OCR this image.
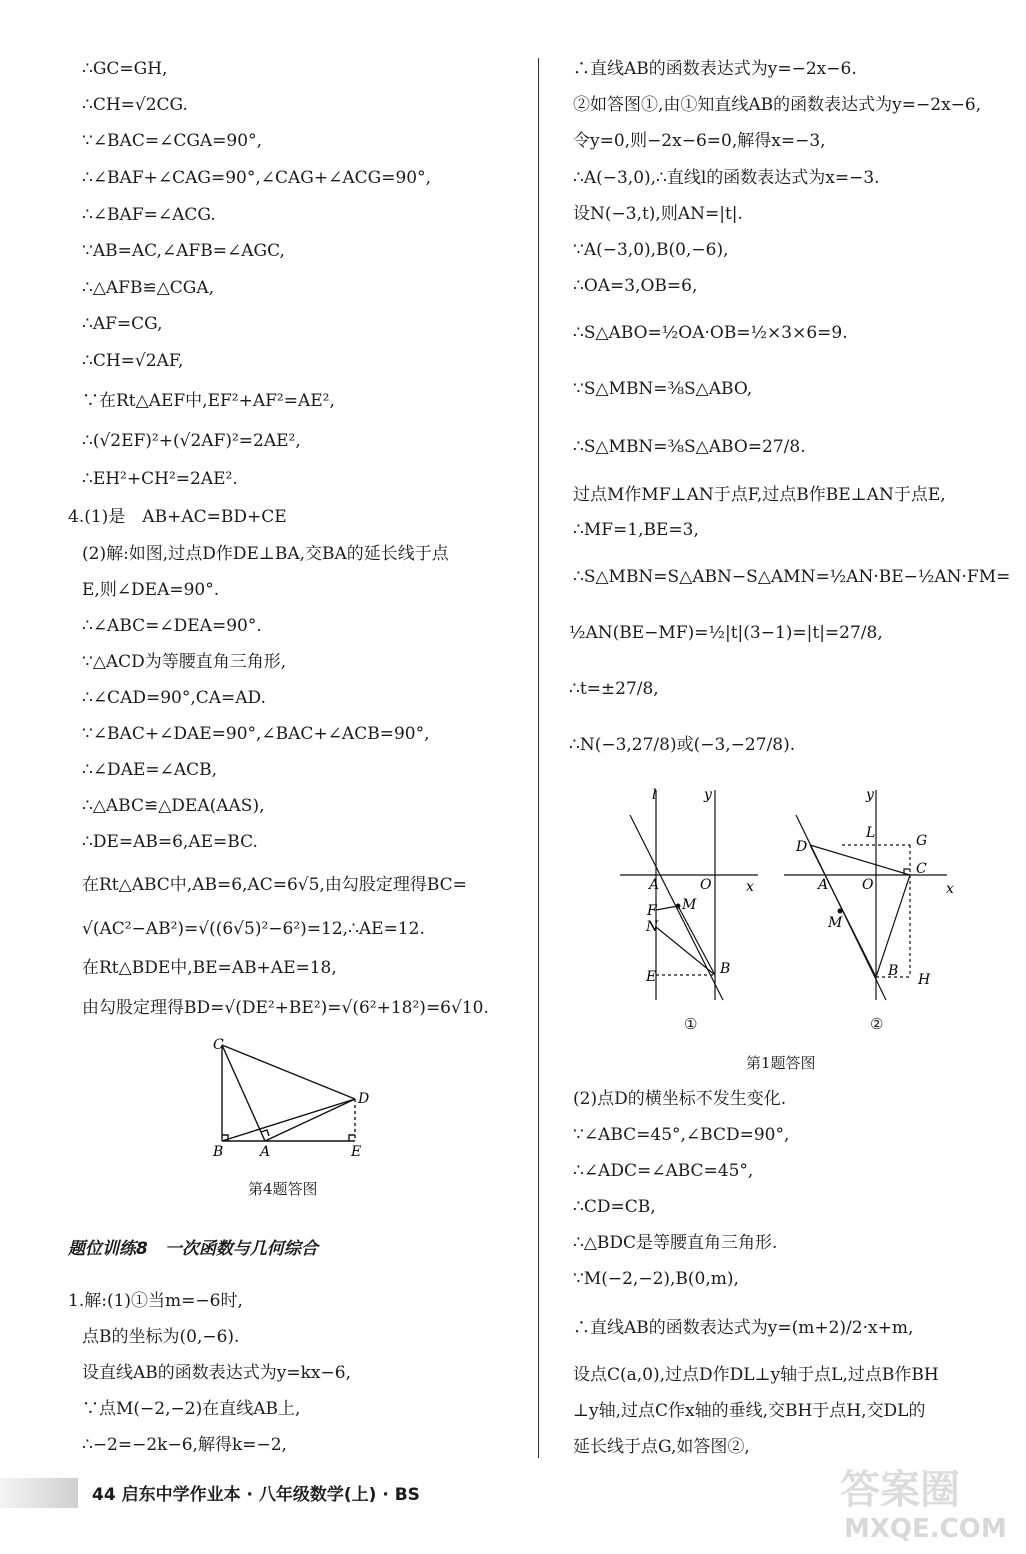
∴GC=GH,
∴CH=√2CG.
∵∠BAC=∠CGA=90°,
∴∠BAF+∠CAG=90°,∠CAG+∠ACG=90°,
∴∠BAF=∠ACG.
∵AB=AC,∠AFB=∠AGC,
∴△AFB≌△CGA,
∴AF=CG,
∴CH=√2AF,
∵在Rt△AEF中,EF²+AF²=AE²,
∴(√2EF)²+(√2AF)²=2AE²,
∴EH²+CH²=2AE².
4.(1)是　AB+AC=BD+CE
(2)解:如图,过点D作DE⊥BA,交BA的延长线于点
E,则∠DEA=90°.
∴∠ABC=∠DEA=90°.
∵△ACD为等腰直角三角形,
∴∠CAD=90°,CA=AD.
∵∠BAC+∠DAE=90°,∠BAC+∠ACB=90°,
∴∠DAE=∠ACB,
∴△ABC≌△DEA(AAS),
∴DE=AB=6,AE=BC.
在Rt△ABC中,AB=6,AC=6√5,由勾股定理得BC=
√(AC²−AB²)=√((6√5)²−6²)=12,∴AE=12.
在Rt△BDE中,BE=AB+AE=18,
由勾股定理得BD=√(DE²+BE²)=√(6²+18²)=6√10.
1.解:(1)①当m=−6时,
点B的坐标为(0,−6).
设直线AB的函数表达式为y=kx−6,
∵点M(−2,−2)在直线AB上,
∴−2=−2k−6,解得k=−2,
∴直线AB的函数表达式为y=−2x−6.
②如答图①,由①知直线AB的函数表达式为y=−2x−6,
令y=0,则−2x−6=0,解得x=−3,
∴A(−3,0),∴直线l的函数表达式为x=−3.
设N(−3,t),则AN=|t|.
∵A(−3,0),B(0,−6),
∴OA=3,OB=6,
∴S△ABO=½OA·OB=½×3×6=9.
∵S△MBN=⅜S△ABO,
∴S△MBN=⅜S△ABO=27/8.
过点M作MF⊥AN于点F,过点B作BE⊥AN于点E,
∴MF=1,BE=3,
∴S△MBN=S△ABN−S△AMN=½AN·BE−½AN·FM=
½AN(BE−MF)=½|t|(3−1)=|t|=27/8,
∴t=±27/8,
∴N(−3,27/8)或(−3,−27/8).
(2)点D的横坐标不发生变化.
∵∠ABC=45°,∠BCD=90°,
∴∠ADC=∠ABC=45°,
∴CD=CB,
∴△BDC是等腰直角三角形.
∵M(−2,−2),B(0,m),
∴直线AB的函数表达式为y=(m+2)/2·x+m,
设点C(a,0),过点D作DL⊥y轴于点L,过点B作BH
⊥y轴,过点C作x轴的垂线,交BH于点H,交DL的
延长线于点G,如答图②,
C
D
B	A	E
第4题答图
题位训练8　一次函数与几何综合
l	y
A	O x
F M
N
E	B
①
y
L	G
D
C
A O	x
M
B
H
②
第1题答图
44 启东中学作业本 · 八年级数学(上) · BS	答案圈
MXQE.COM
